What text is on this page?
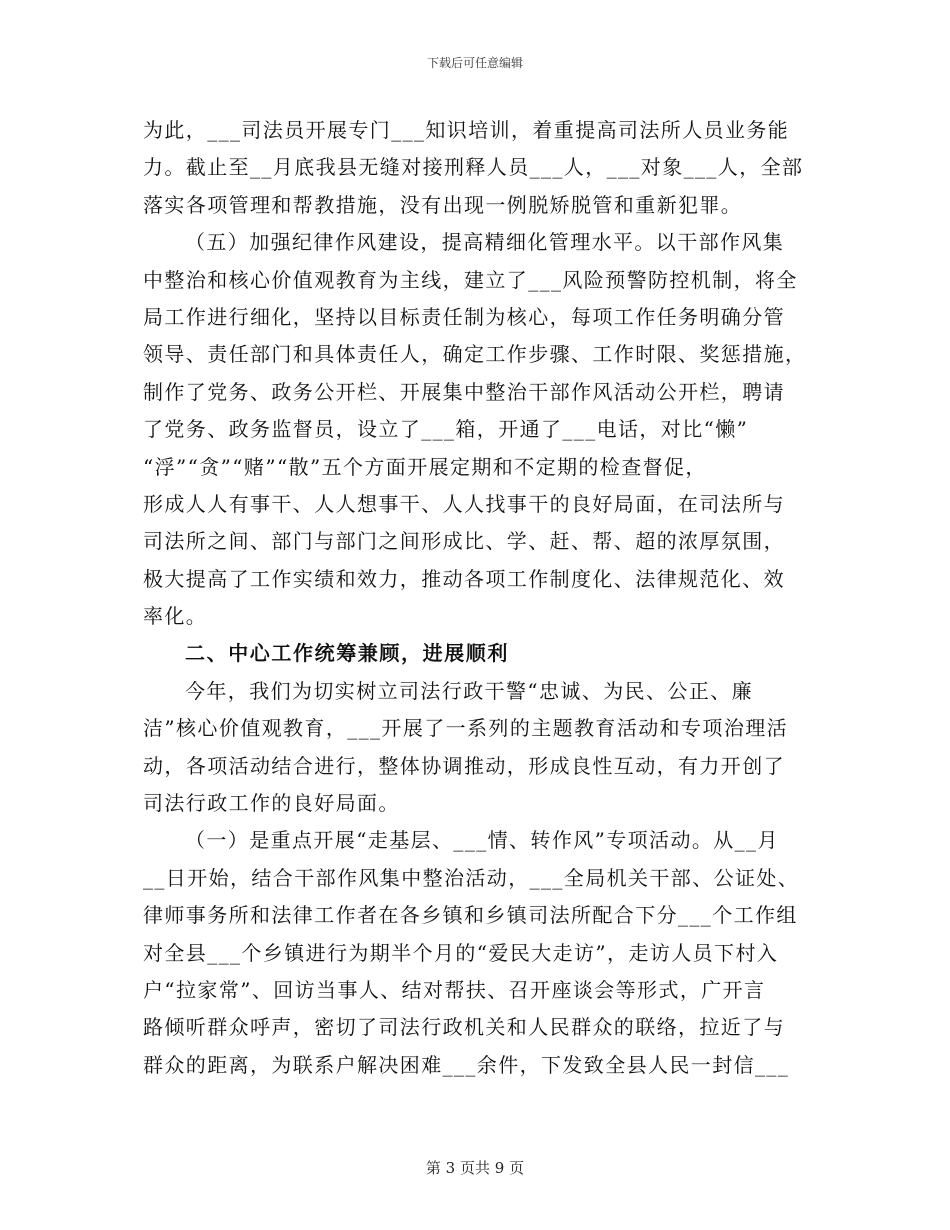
下载后可任意编辑
为此，___司法员开展专门___知识培训，着重提高司法所人员业务能
力。截止至__月底我县无缝对接刑释人员___人，___对象___人，全部
落实各项管理和帮教措施，没有出现一例脱矫脱管和重新犯罪。
（五）加强纪律作风建设，提高精细化管理水平。以干部作风集
中整治和核心价值观教育为主线，建立了___风险预警防控机制，将全
局工作进行细化，坚持以目标责任制为核心，每项工作任务明确分管
领导、责任部门和具体责任人，确定工作步骤、工作时限、奖惩措施，
制作了党务、政务公开栏、开展集中整治干部作风活动公开栏，聘请
了党务、政务监督员，设立了___箱，开通了___电话，对比“懒”
“浮”“贪”“赌”“散”五个方面开展定期和不定期的检查督促，
形成人人有事干、人人想事干、人人找事干的良好局面，在司法所与
司法所之间、部门与部门之间形成比、学、赶、帮、超的浓厚氛围，
极大提高了工作实绩和效力，推动各项工作制度化、法律规范化、效
率化。
二、中心工作统筹兼顾，进展顺利
今年，我们为切实树立司法行政干警“忠诚、为民、公正、廉
洁”核心价值观教育，___开展了一系列的主题教育活动和专项治理活
动，各项活动结合进行，整体协调推动，形成良性互动，有力开创了
司法行政工作的良好局面。
（一）是重点开展“走基层、___情、转作风”专项活动。从__月
__日开始，结合干部作风集中整治活动，___全局机关干部、公证处、
律师事务所和法律工作者在各乡镇和乡镇司法所配合下分___个工作组
对全县___个乡镇进行为期半个月的“爱民大走访”，走访人员下村入
户“拉家常”、回访当事人、结对帮扶、召开座谈会等形式，广开言
路倾听群众呼声，密切了司法行政机关和人民群众的联络，拉近了与
群众的距离，为联系户解决困难___余件，下发致全县人民一封信___
第 3 页共 9 页
